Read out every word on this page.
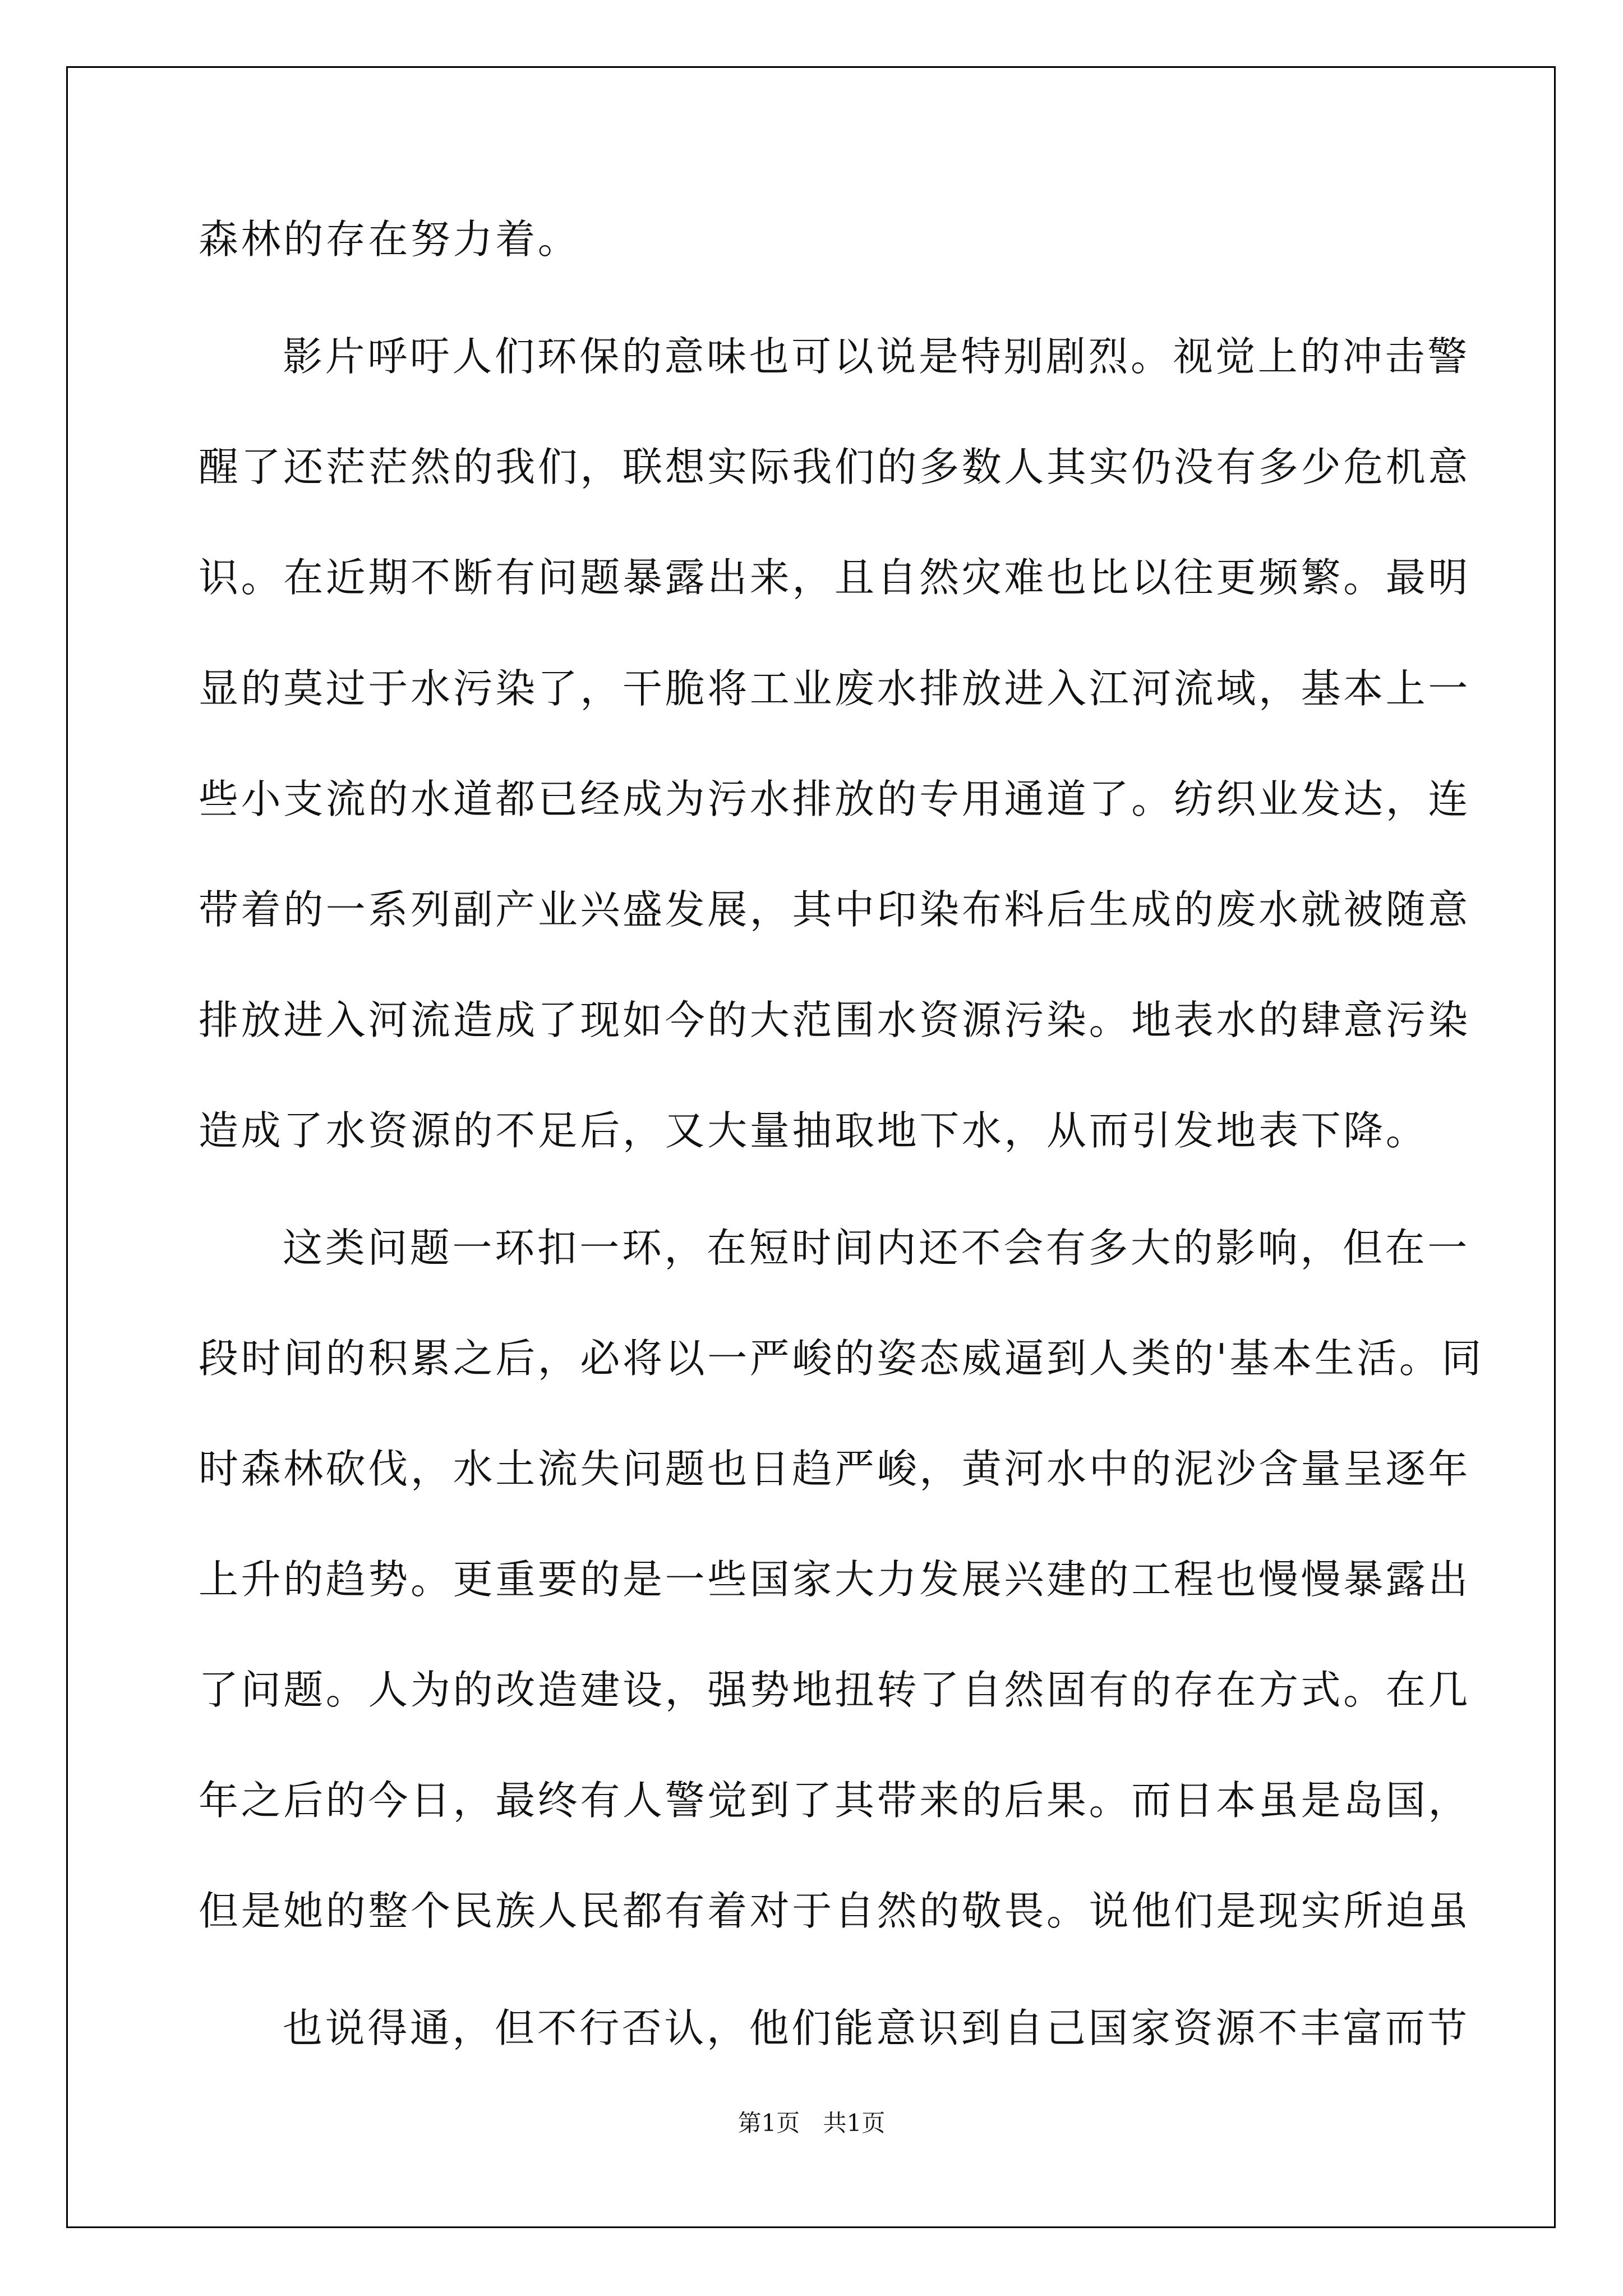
森林的存在努力着。

影片呼吁人们环保的意味也可以说是特别剧烈。视觉上的冲击警

醒了还茫茫然的我们，联想实际我们的多数人其实仍没有多少危机意

识。在近期不断有问题暴露出来，且自然灾难也比以往更频繁。最明

显的莫过于水污染了，干脆将工业废水排放进入江河流域，基本上一

些小支流的水道都已经成为污水排放的专用通道了。纺织业发达，连

带着的一系列副产业兴盛发展，其中印染布料后生成的废水就被随意

排放进入河流造成了现如今的大范围水资源污染。地表水的肆意污染

造成了水资源的不足后，又大量抽取地下水，从而引发地表下降。

这类问题一环扣一环，在短时间内还不会有多大的影响，但在一

段时间的积累之后，必将以一严峻的姿态威逼到人类的'基本生活。同

时森林砍伐，水土流失问题也日趋严峻，黄河水中的泥沙含量呈逐年

上升的趋势。更重要的是一些国家大力发展兴建的工程也慢慢暴露出

了问题。人为的改造建设，强势地扭转了自然固有的存在方式。在几

年之后的今日，最终有人警觉到了其带来的后果。而日本虽是岛国，

但是她的整个民族人民都有着对于自然的敬畏。说他们是现实所迫虽

也说得通，但不行否认，他们能意识到自己国家资源不丰富而节

第1页 共1页
